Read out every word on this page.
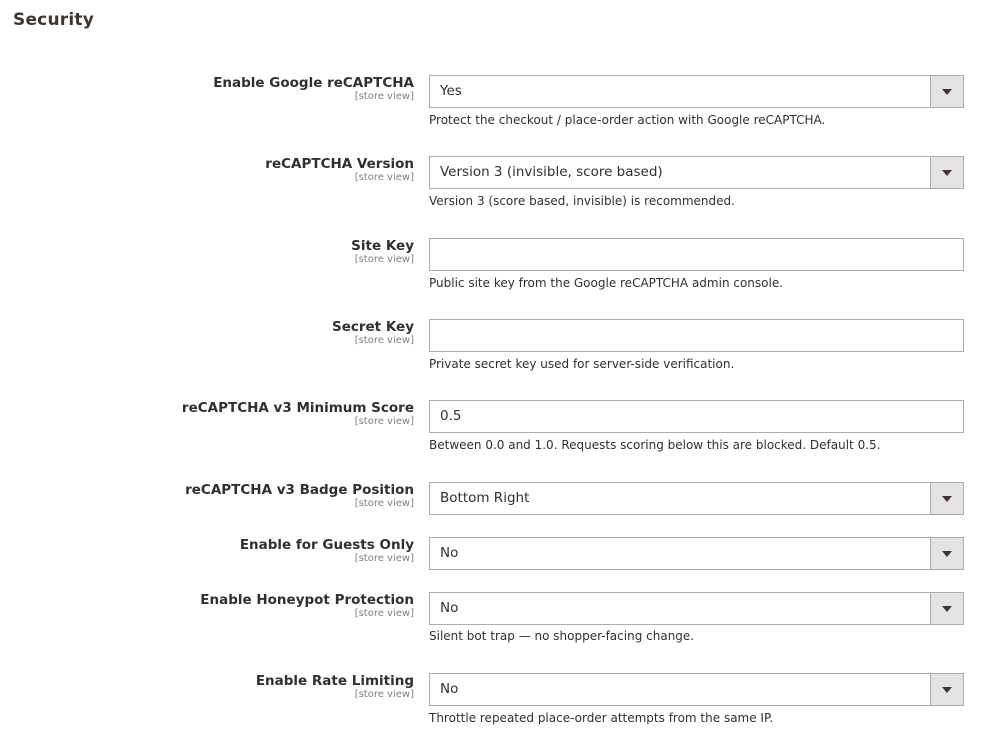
Security
Enable Google reCAPTCHA
[store view] Yes
Protect the checkout / place-order action with Google reCAPTCHA.
reCAPTCHA Version
[store view] Version 3 (invisible, score based)
Version 3 (score based, invisible) is recommended.
Site Key
[store view]
Public site key from the Google reCAPTCHA admin console.
Secret Key
[store view]
Private secret key used for server-side verification.
reCAPTCHA v3 Minimum Score
[store view] 0.5
Between 0.0 and 1.0. Requests scoring below this are blocked. Default 0.5.
reCAPTCHA v3 Badge Position
[store view] Bottom Right
Enable for Guests Only
[store view] No
Enable Honeypot Protection
[store view] No
Silent bot trap — no shopper-facing change.
Enable Rate Limiting
[store view] No
Throttle repeated place-order attempts from the same IP.
